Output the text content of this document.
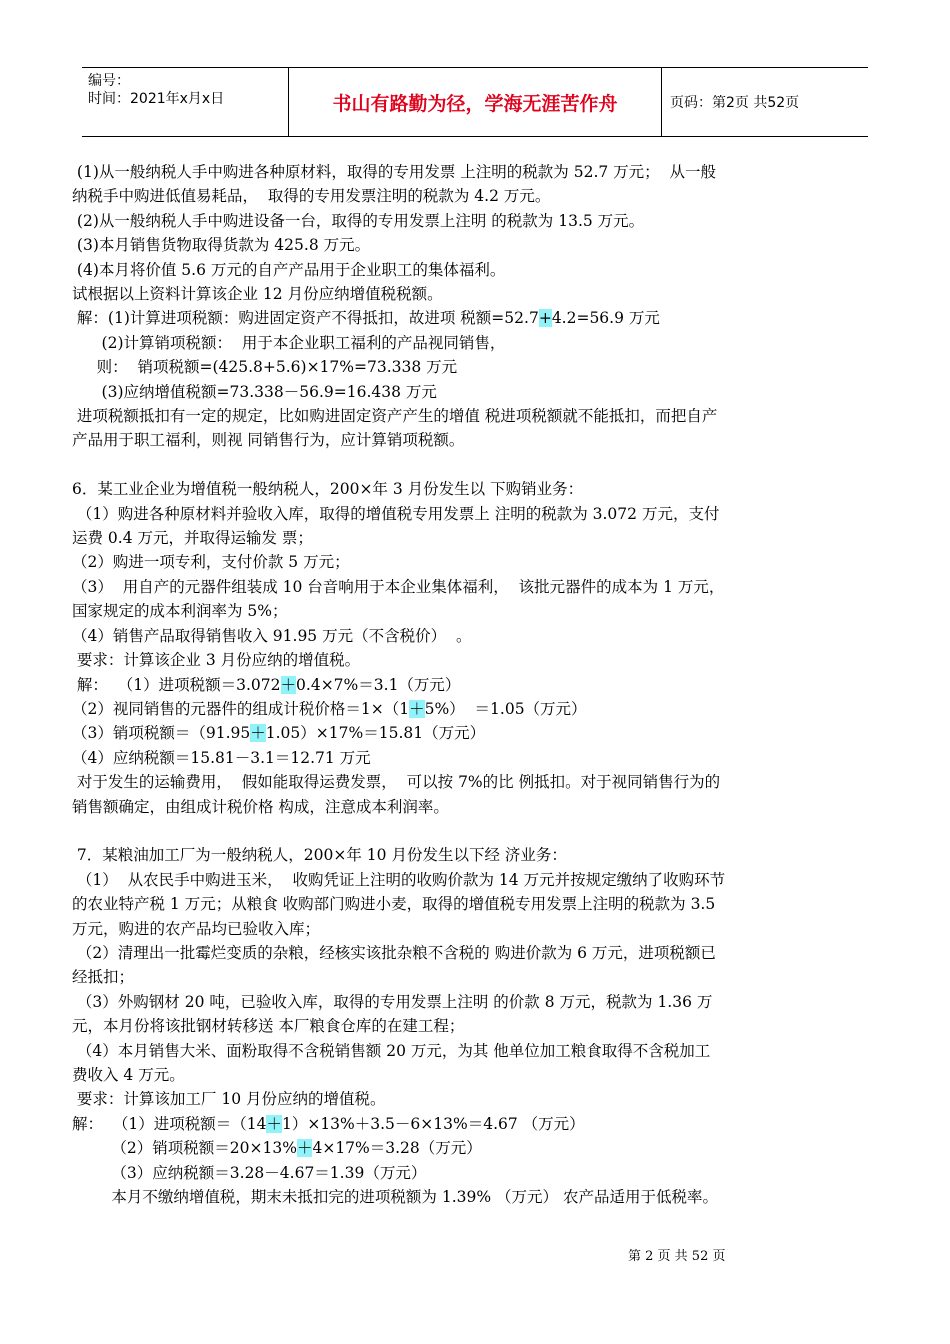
编号：
时间：2021年x月x日	书山有路勤为径，学海无涯苦作舟	页码：第2页 共52页
(1)从一般纳税人手中购进各种原材料，取得的专用发票 上注明的税款为 52.7 万元；  从一般
纳税手中购进低值易耗品，  取得的专用发票注明的税款为 4.2 万元。
(2)从一般纳税人手中购进设备一台，取得的专用发票上注明 的税款为 13.5 万元。
(3)本月销售货物取得货款为 425.8 万元。
(4)本月将价值 5.6 万元的自产产品用于企业职工的集体福利。
试根据以上资料计算该企业 12 月份应纳增值税税额。
解：(1)计算进项税额：购进固定资产不得抵扣，故进项 税额=52.7+4.2=56.9 万元
(2)计算销项税额：  用于本企业职工福利的产品视同销售，
则：  销项税额=(425.8+5.6)×17%=73.338 万元
(3)应纳增值税额=73.338－56.9=16.438 万元
进项税额抵扣有一定的规定，比如购进固定资产产生的增值 税进项税额就不能抵扣，而把自产
产品用于职工福利，则视 同销售行为，应计算销项税额。
6．某工业企业为增值税一般纳税人，200×年 3 月份发生以 下购销业务：
（1）购进各种原材料并验收入库，取得的增值税专用发票上 注明的税款为 3.072 万元，支付
运费 0.4 万元，并取得运输发 票；
（2）购进一项专利，支付价款 5 万元；
（3）  用自产的元器件组装成 10 台音响用于本企业集体福利，  该批元器件的成本为 1 万元，
国家规定的成本利润率为 5%；
（4）销售产品取得销售收入 91.95 万元（不含税价）  。
要求：计算该企业 3 月份应纳的增值税。
解：  （1）进项税额＝3.072＋0.4×7%＝3.1（万元）
（2）视同销售的元器件的组成计税价格＝1×（1＋5%）  ＝1.05（万元）
（3）销项税额＝（91.95＋1.05）×17%＝15.81（万元）
（4）应纳税额＝15.81－3.1＝12.71 万元
对于发生的运输费用，  假如能取得运费发票，  可以按 7%的比 例抵扣。对于视同销售行为的
销售额确定，由组成计税价格 构成，注意成本利润率。
7．某粮油加工厂为一般纳税人，200×年 10 月份发生以下经 济业务：
（1）  从农民手中购进玉米，  收购凭证上注明的收购价款为 14 万元并按规定缴纳了收购环节
的农业特产税 1 万元；从粮食 收购部门购进小麦，取得的增值税专用发票上注明的税款为 3.5
万元，购进的农产品均已验收入库；
（2）清理出一批霉烂变质的杂粮，经核实该批杂粮不含税的 购进价款为 6 万元，进项税额已
经抵扣；
（3）外购钢材 20 吨，已验收入库，取得的专用发票上注明 的价款 8 万元，税款为 1.36 万
元，本月份将该批钢材转移送 本厂粮食仓库的在建工程；
（4）本月销售大米、面粉取得不含税销售额 20 万元，为其 他单位加工粮食取得不含税加工
费收入 4 万元。
要求：计算该加工厂 10 月份应纳的增值税。
解：  （1）进项税额＝（14＋1）×13%＋3.5－6×13%＝4.67 （万元）
（2）销项税额＝20×13%＋4×17%＝3.28（万元）
（3）应纳税额＝3.28－4.67＝1.39（万元）
本月不缴纳增值税，期末未抵扣完的进项税额为 1.39% （万元） 农产品适用于低税率。
第 2 页 共 52 页
